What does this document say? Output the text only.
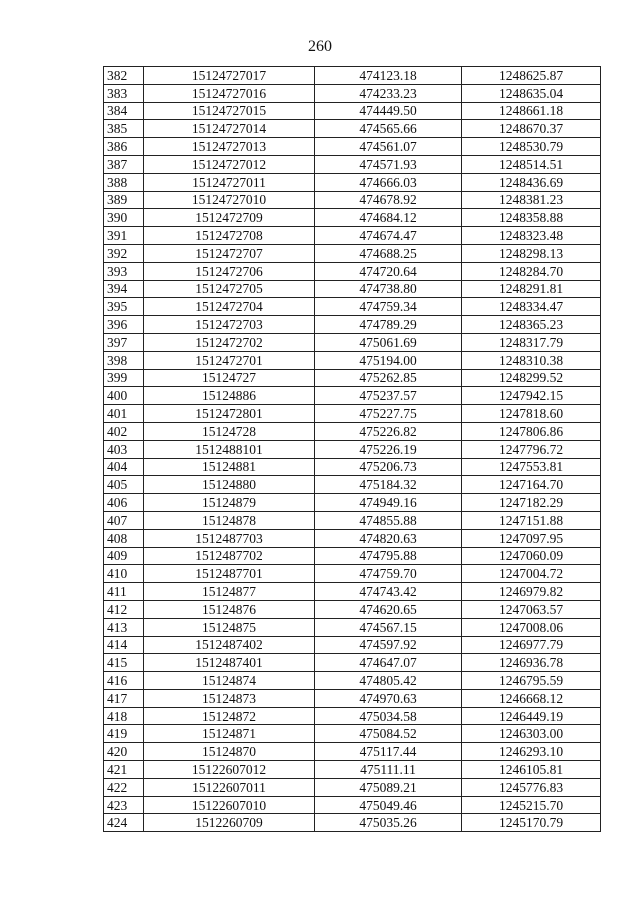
260
382	15124727017	474123.18	1248625.87
383	15124727016	474233.23	1248635.04
384	15124727015	474449.50	1248661.18
385	15124727014	474565.66	1248670.37
386	15124727013	474561.07	1248530.79
387	15124727012	474571.93	1248514.51
388	15124727011	474666.03	1248436.69
389	15124727010	474678.92	1248381.23
390	1512472709	474684.12	1248358.88
391	1512472708	474674.47	1248323.48
392	1512472707	474688.25	1248298.13
393	1512472706	474720.64	1248284.70
394	1512472705	474738.80	1248291.81
395	1512472704	474759.34	1248334.47
396	1512472703	474789.29	1248365.23
397	1512472702	475061.69	1248317.79
398	1512472701	475194.00	1248310.38
399	15124727	475262.85	1248299.52
400	15124886	475237.57	1247942.15
401	1512472801	475227.75	1247818.60
402	15124728	475226.82	1247806.86
403	1512488101	475226.19	1247796.72
404	15124881	475206.73	1247553.81
405	15124880	475184.32	1247164.70
406	15124879	474949.16	1247182.29
407	15124878	474855.88	1247151.88
408	1512487703	474820.63	1247097.95
409	1512487702	474795.88	1247060.09
410	1512487701	474759.70	1247004.72
411	15124877	474743.42	1246979.82
412	15124876	474620.65	1247063.57
413	15124875	474567.15	1247008.06
414	1512487402	474597.92	1246977.79
415	1512487401	474647.07	1246936.78
416	15124874	474805.42	1246795.59
417	15124873	474970.63	1246668.12
418	15124872	475034.58	1246449.19
419	15124871	475084.52	1246303.00
420	15124870	475117.44	1246293.10
421	15122607012	475111.11	1246105.81
422	15122607011	475089.21	1245776.83
423	15122607010	475049.46	1245215.70
424	1512260709	475035.26	1245170.79
